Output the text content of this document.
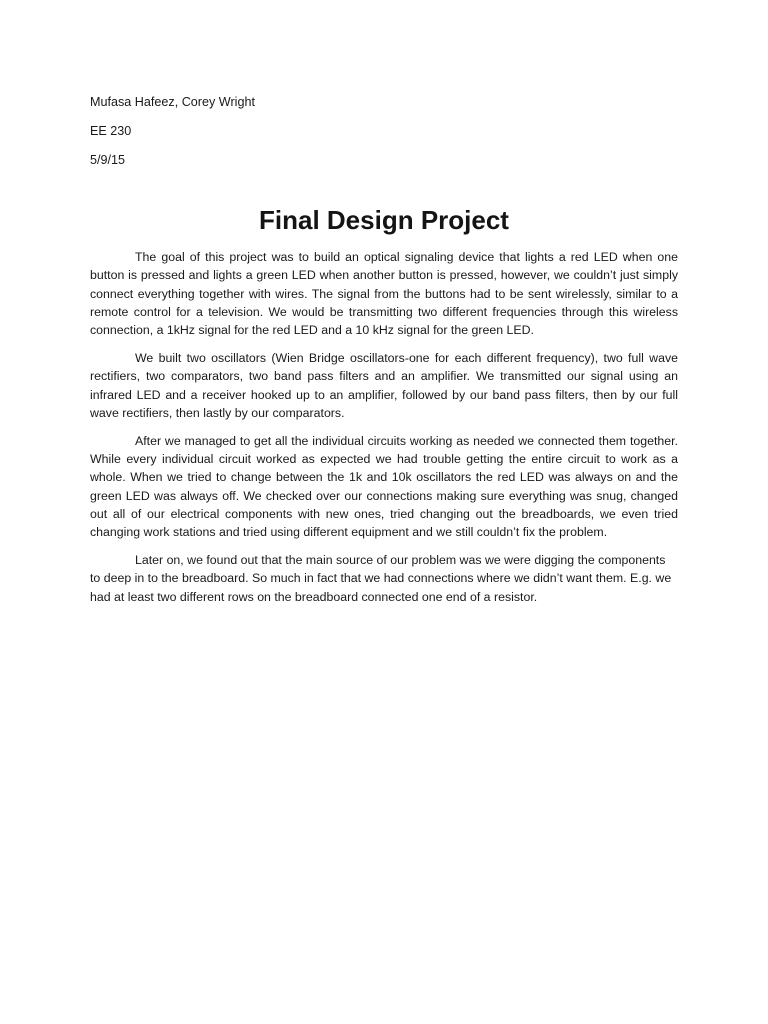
Mufasa Hafeez, Corey Wright

EE 230

5/9/15

Final Design Project

The goal of this project was to build an optical signaling device that lights a red LED when one button is pressed and lights a green LED when another button is pressed, however, we couldn’t just simply connect everything together with wires. The signal from the buttons had to be sent wirelessly, similar to a remote control for a television. We would be transmitting two different frequencies through this wireless connection, a 1kHz signal for the red LED and a 10 kHz signal for the green LED.

We built two oscillators (Wien Bridge oscillators-one for each different frequency), two full wave rectifiers, two comparators, two band pass filters and an amplifier. We transmitted our signal using an infrared LED and a receiver hooked up to an amplifier, followed by our band pass filters, then by our full wave rectifiers, then lastly by our comparators.

After we managed to get all the individual circuits working as needed we connected them together. While every individual circuit worked as expected we had trouble getting the entire circuit to work as a whole. When we tried to change between the 1k and 10k oscillators the red LED was always on and the green LED was always off. We checked over our connections making sure everything was snug, changed out all of our electrical components with new ones, tried changing out the breadboards, we even tried changing work stations and tried using different equipment and we still couldn’t fix the problem.

Later on, we found out that the main source of our problem was we were digging the components to deep in to the breadboard. So much in fact that we had connections where we didn’t want them. E.g. we had at least two different rows on the breadboard connected one end of a resistor.
